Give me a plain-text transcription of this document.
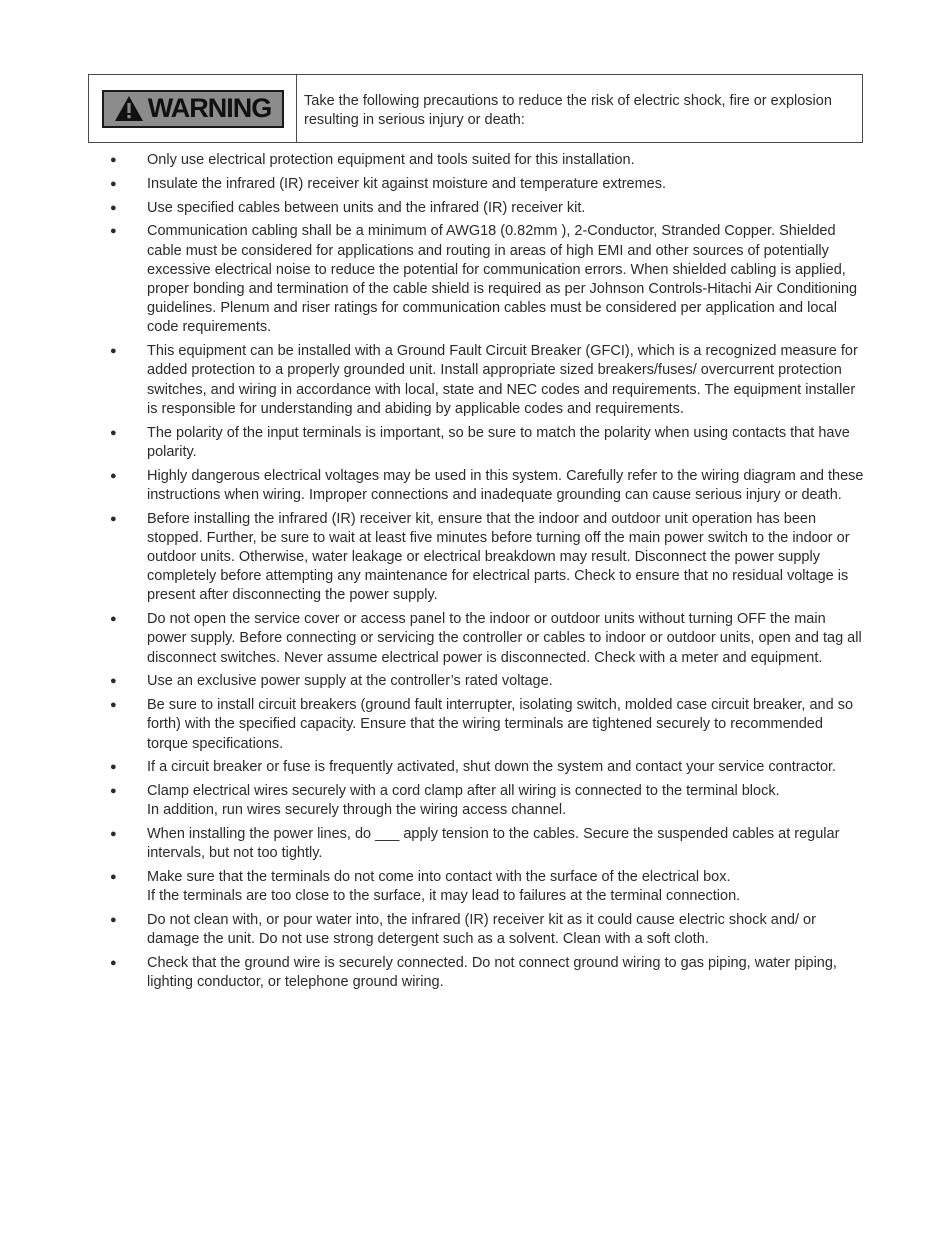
WARNING	Take the following precautions to reduce the risk of electric shock, fire or explosion resulting in serious injury or death:
●	Only use electrical protection equipment and tools suited for this installation.
●	Insulate the infrared (IR) receiver kit against moisture and temperature extremes.
●	Use specified cables between units and the infrared (IR) receiver kit.
●	Communication cabling shall be a minimum of AWG18 (0.82mm ), 2-Conductor, Stranded Copper. Shielded cable must be considered for applications and routing in areas of high EMI and other sources of potentially excessive electrical noise to reduce the potential for communication errors. When shielded cabling is applied, proper bonding and termination of the cable shield is required as per Johnson Controls-Hitachi Air Conditioning guidelines. Plenum and riser ratings for communication cables must be considered per application and local code requirements.
●	This equipment can be installed with a Ground Fault Circuit Breaker (GFCI), which is a recognized measure for added protection to a properly grounded unit. Install appropriate sized breakers/fuses/ overcurrent protection switches, and wiring in accordance with local, state and NEC codes and requirements. The equipment installer is responsible for understanding and abiding by applicable codes and requirements.
●	The polarity of the input terminals is important, so be sure to match the polarity when using contacts that have polarity.
●	Highly dangerous electrical voltages may be used in this system. Carefully refer to the wiring diagram and these instructions when wiring. Improper connections and inadequate grounding can cause serious injury or death.
●	Before installing the infrared (IR) receiver kit, ensure that the indoor and outdoor unit operation has been stopped. Further, be sure to wait at least five minutes before turning off the main power switch to the indoor or outdoor units. Otherwise, water leakage or electrical breakdown may result. Disconnect the power supply completely before attempting any maintenance for electrical parts. Check to ensure that no residual voltage is present after disconnecting the power supply.
●	Do not open the service cover or access panel to the indoor or outdoor units without turning OFF the main power supply. Before connecting or servicing the controller or cables to indoor or outdoor units, open and tag all disconnect switches. Never assume electrical power is disconnected. Check with a meter and equipment.
●	Use an exclusive power supply at the controller’s rated voltage.
●	Be sure to install circuit breakers (ground fault interrupter, isolating switch, molded case circuit breaker, and so forth) with the specified capacity. Ensure that the wiring terminals are tightened securely to recommended torque specifications.
●	If a circuit breaker or fuse is frequently activated, shut down the system and contact your service contractor.
●	Clamp electrical wires securely with a cord clamp after all wiring is connected to the terminal block.
In addition, run wires securely through the wiring access channel.
●	When installing the power lines, do ___ apply tension to the cables. Secure the suspended cables at regular intervals, but not too tightly.
●	Make sure that the terminals do not come into contact with the surface of the electrical box.
If the terminals are too close to the surface, it may lead to failures at the terminal connection.
●	Do not clean with, or pour water into, the infrared (IR) receiver kit as it could cause electric shock and/ or damage the unit. Do not use strong detergent such as a solvent. Clean with a soft cloth.
●	Check that the ground wire is securely connected. Do not connect ground wiring to gas piping, water piping, lighting conductor, or telephone ground wiring.
